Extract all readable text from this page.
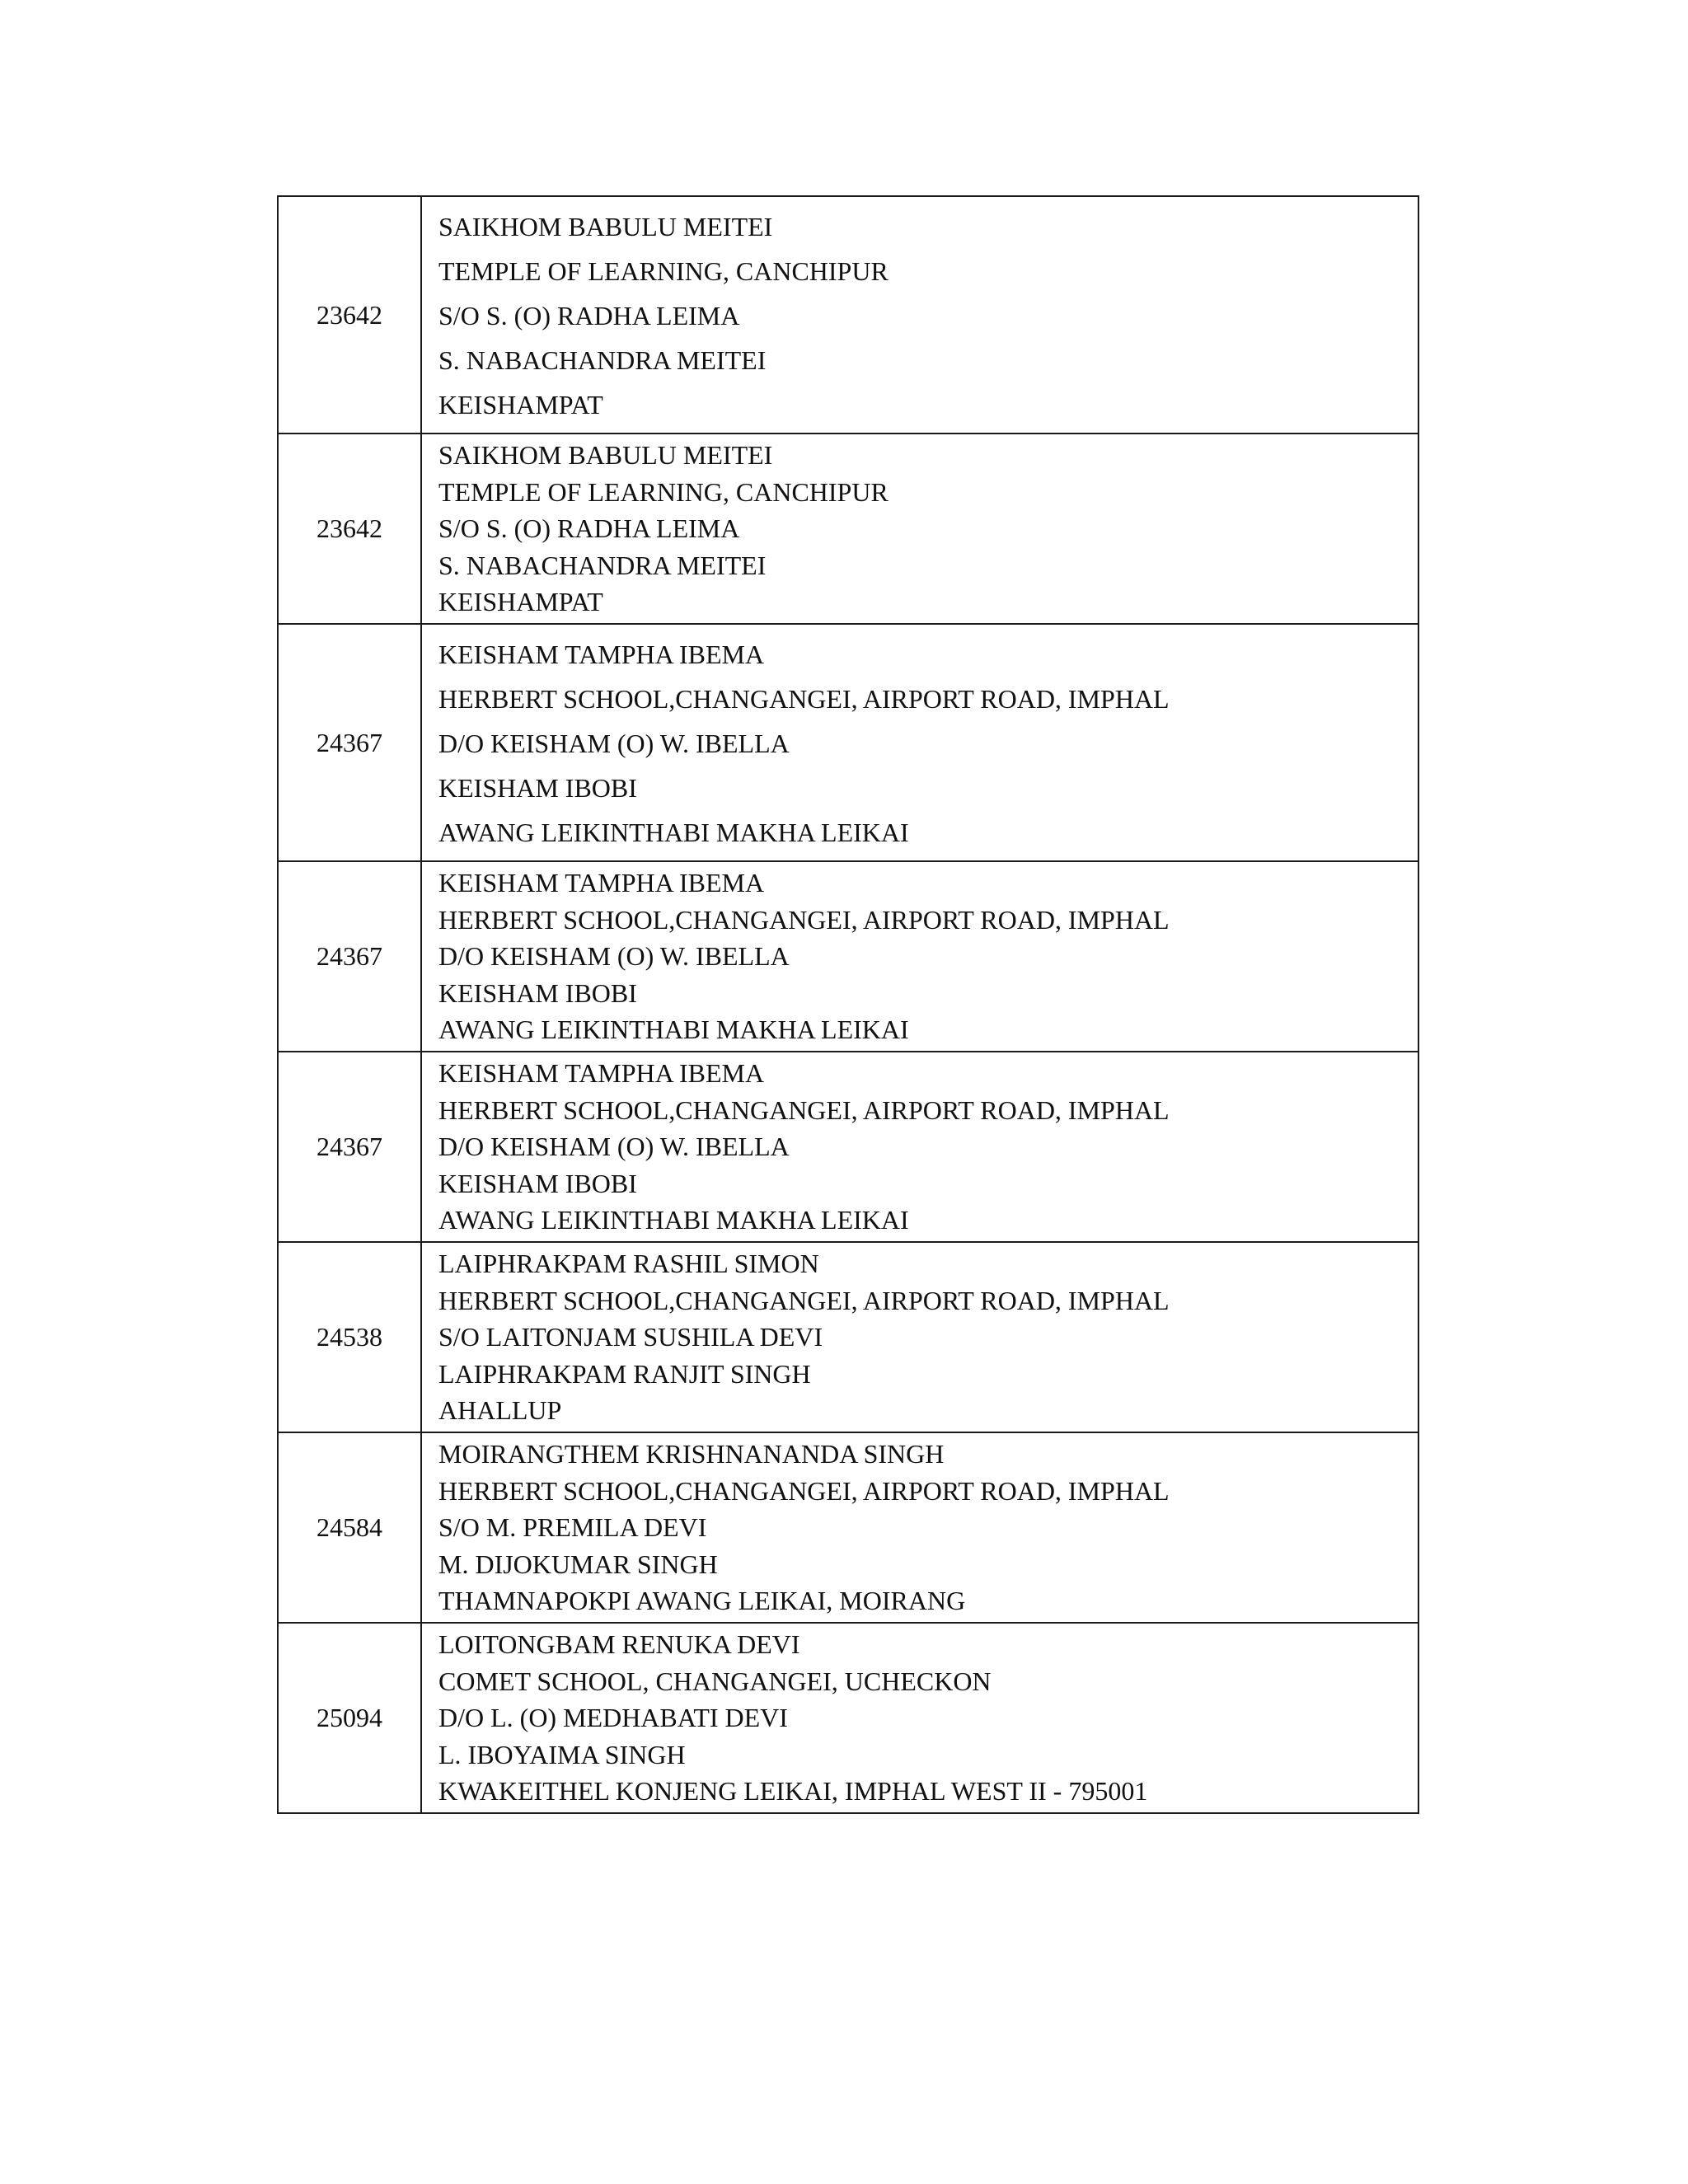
23642	SAIKHOM BABULU MEITEI
TEMPLE OF LEARNING, CANCHIPUR
S/O S. (O) RADHA LEIMA
S. NABACHANDRA MEITEI
KEISHAMPAT

23642	SAIKHOM BABULU MEITEI
TEMPLE OF LEARNING, CANCHIPUR
S/O S. (O) RADHA LEIMA
S. NABACHANDRA MEITEI
KEISHAMPAT

24367	KEISHAM TAMPHA IBEMA
HERBERT SCHOOL,CHANGANGEI, AIRPORT ROAD, IMPHAL
D/O KEISHAM (O) W. IBELLA
KEISHAM IBOBI
AWANG LEIKINTHABI MAKHA LEIKAI

24367	KEISHAM TAMPHA IBEMA
HERBERT SCHOOL,CHANGANGEI, AIRPORT ROAD, IMPHAL
D/O KEISHAM (O) W. IBELLA
KEISHAM IBOBI
AWANG LEIKINTHABI MAKHA LEIKAI

24367	KEISHAM TAMPHA IBEMA
HERBERT SCHOOL,CHANGANGEI, AIRPORT ROAD, IMPHAL
D/O KEISHAM (O) W. IBELLA
KEISHAM IBOBI
AWANG LEIKINTHABI MAKHA LEIKAI

24538	LAIPHRAKPAM RASHIL SIMON
HERBERT SCHOOL,CHANGANGEI, AIRPORT ROAD, IMPHAL
S/O LAITONJAM SUSHILA DEVI
LAIPHRAKPAM RANJIT SINGH
AHALLUP

24584	MOIRANGTHEM KRISHNANANDA SINGH
HERBERT SCHOOL,CHANGANGEI, AIRPORT ROAD, IMPHAL
S/O M. PREMILA DEVI
M. DIJOKUMAR SINGH
THAMNAPOKPI AWANG LEIKAI, MOIRANG

25094	LOITONGBAM RENUKA DEVI
COMET SCHOOL, CHANGANGEI, UCHECKON
D/O L. (O) MEDHABATI DEVI
L. IBOYAIMA SINGH
KWAKEITHEL KONJENG LEIKAI, IMPHAL WEST II - 795001
